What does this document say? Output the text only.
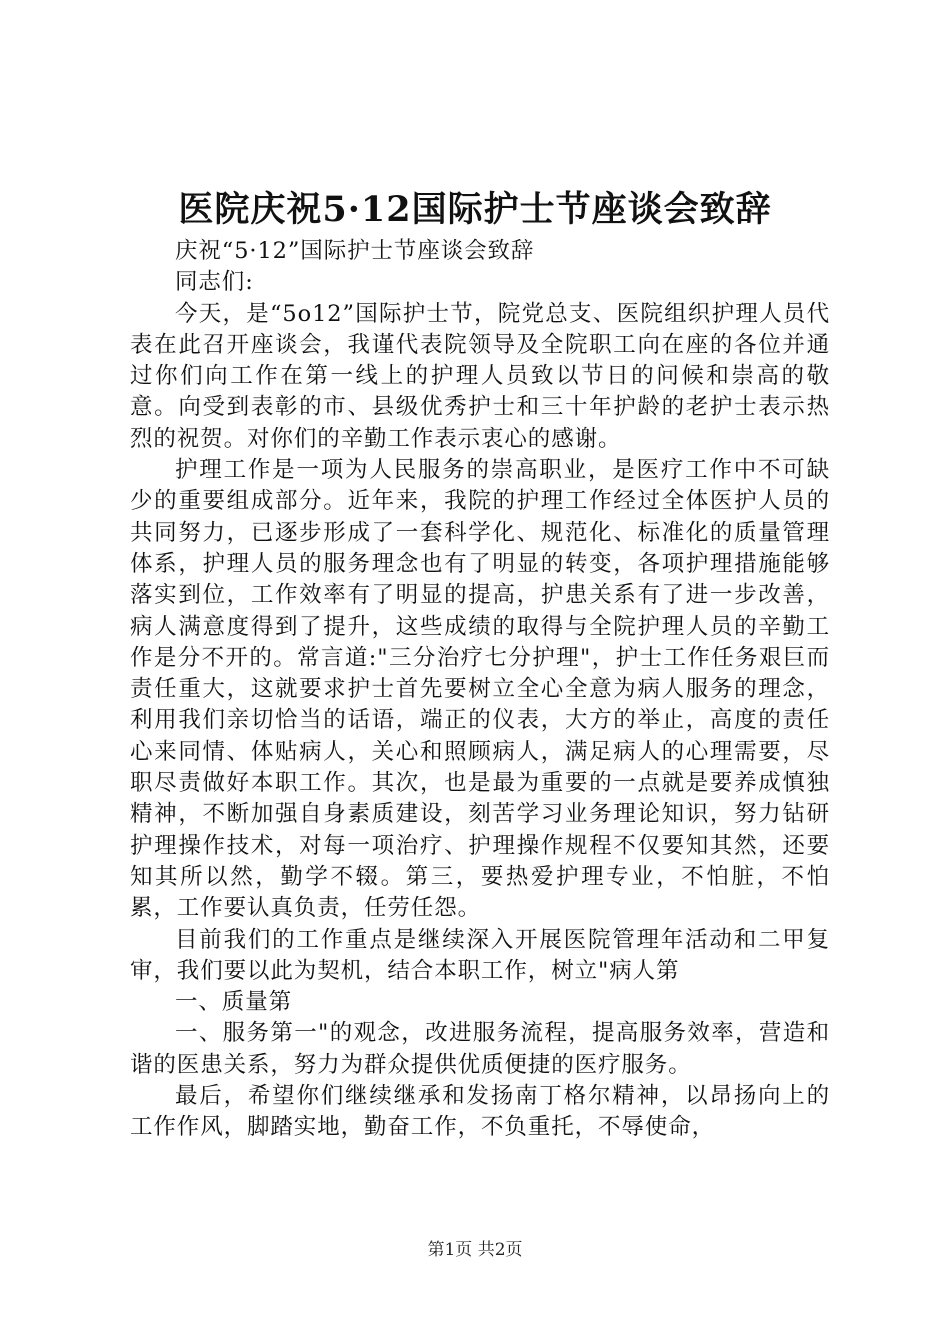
医院庆祝5·12国际护士节座谈会致辞

庆祝“5·12”国际护士节座谈会致辞

同志们:

今天，是“5o12”国际护士节，院党总支、医院组织护理人员代表在此召开座谈会，我谨代表院领导及全院职工向在座的各位并通过你们向工作在第一线上的护理人员致以节日的问候和崇高的敬意。向受到表彰的市、县级优秀护士和三十年护龄的老护士表示热烈的祝贺。对你们的辛勤工作表示衷心的感谢。

护理工作是一项为人民服务的崇高职业，是医疗工作中不可缺少的重要组成部分。近年来，我院的护理工作经过全体医护人员的共同努力，已逐步形成了一套科学化、规范化、标准化的质量管理体系，护理人员的服务理念也有了明显的转变，各项护理措施能够落实到位，工作效率有了明显的提高，护患关系有了进一步改善，病人满意度得到了提升，这些成绩的取得与全院护理人员的辛勤工作是分不开的。常言道:"三分治疗七分护理"，护士工作任务艰巨而责任重大，这就要求护士首先要树立全心全意为病人服务的理念，利用我们亲切恰当的话语，端正的仪表，大方的举止，高度的责任心来同情、体贴病人，关心和照顾病人，满足病人的心理需要，尽职尽责做好本职工作。其次，也是最为重要的一点就是要养成慎独精神，不断加强自身素质建设，刻苦学习业务理论知识，努力钻研护理操作技术，对每一项治疗、护理操作规程不仅要知其然，还要知其所以然，勤学不辍。第三，要热爱护理专业，不怕脏，不怕累，工作要认真负责，任劳任怨。

目前我们的工作重点是继续深入开展医院管理年活动和二甲复审，我们要以此为契机，结合本职工作，树立"病人第

一、质量第

一、服务第一"的观念，改进服务流程，提高服务效率，营造和谐的医患关系，努力为群众提供优质便捷的医疗服务。

最后，希望你们继续继承和发扬南丁格尔精神，以昂扬向上的工作作风，脚踏实地，勤奋工作，不负重托，不辱使命，

第1页 共2页
